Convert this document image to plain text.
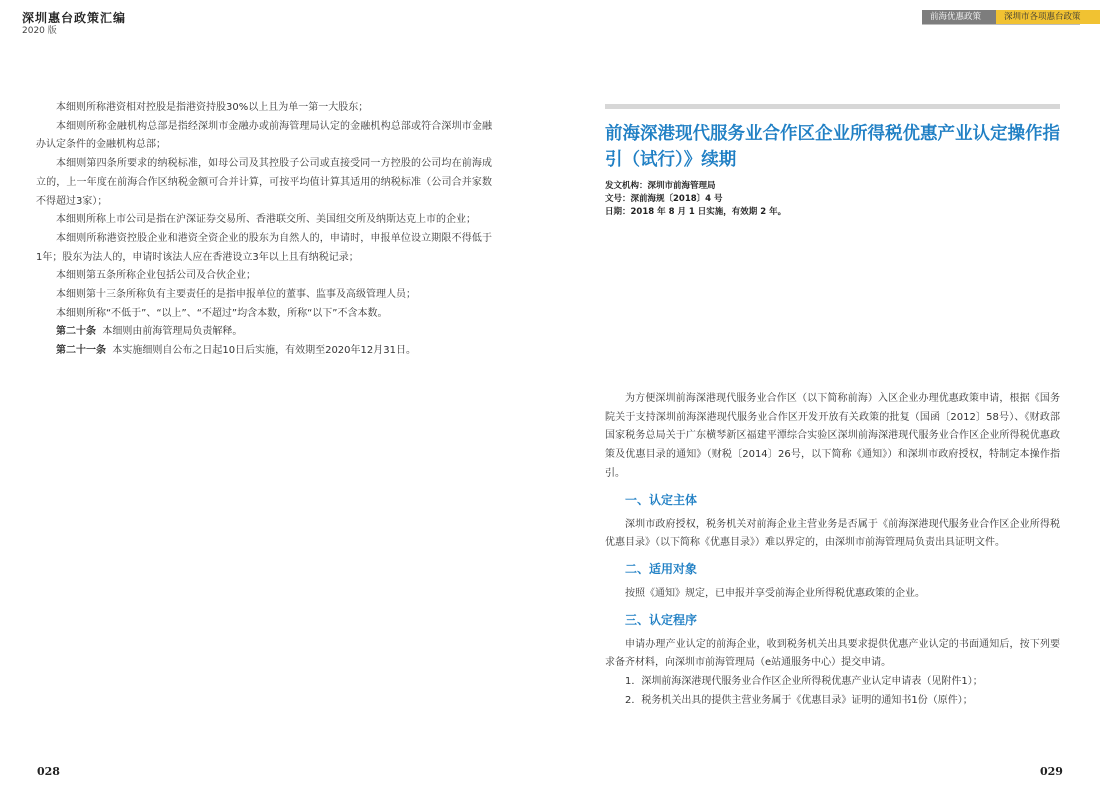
深圳惠台政策汇编
2020 版
前海优惠政策	深圳市各项惠台政策

本细则所称港资相对控股是指港资持股30%以上且为单一第一大股东；

本细则所称金融机构总部是指经深圳市金融办或前海管理局认定的金融机构总部或符合深圳市金融办认定条件的金融机构总部；

本细则第四条所要求的纳税标准，如母公司及其控股子公司或直接受同一方控股的公司均在前海成立的，上一年度在前海合作区纳税金额可合并计算，可按平均值计算其适用的纳税标准（公司合并家数不得超过3家）；

本细则所称上市公司是指在沪深证券交易所、香港联交所、美国纽交所及纳斯达克上市的企业；

本细则所称港资控股企业和港资全资企业的股东为自然人的，申请时，申报单位设立期限不得低于1年；股东为法人的，申请时该法人应在香港设立3年以上且有纳税记录；

本细则第五条所称企业包括公司及合伙企业；

本细则第十三条所称负有主要责任的是指申报单位的董事、监事及高级管理人员；

本细则所称“不低于”、“以上”、“不超过”均含本数，所称“以下”不含本数。

第二十条 本细则由前海管理局负责解释。

第二十一条 本实施细则自公布之日起10日后实施，有效期至2020年12月31日。

前海深港现代服务业合作区企业所得税优惠产业认定操作指引（试行）》续期
发文机构：深圳市前海管理局
文号：深前海规〔2018〕4 号
日期：2018 年 8 月 1 日实施，有效期 2 年。

为方便深圳前海深港现代服务业合作区（以下简称前海）入区企业办理优惠政策申请，根据《国务院关于支持深圳前海深港现代服务业合作区开发开放有关政策的批复（国函〔2012〕58号）、《财政部国家税务总局关于广东横琴新区福建平潭综合实验区深圳前海深港现代服务业合作区企业所得税优惠政策及优惠目录的通知》（财税〔2014〕26号，以下简称《通知》）和深圳市政府授权，特制定本操作指引。

一、认定主体

深圳市政府授权，税务机关对前海企业主营业务是否属于《前海深港现代服务业合作区企业所得税优惠目录》（以下简称《优惠目录》）难以界定的，由深圳市前海管理局负责出具证明文件。

二、适用对象

按照《通知》规定，已申报并享受前海企业所得税优惠政策的企业。

三、认定程序

申请办理产业认定的前海企业，收到税务机关出具要求提供优惠产业认定的书面通知后，按下列要求备齐材料，向深圳市前海管理局（e站通服务中心）提交申请。

1．深圳前海深港现代服务业合作区企业所得税优惠产业认定申请表（见附件1）；

2．税务机关出具的提供主营业务属于《优惠目录》证明的通知书1份（原件）；

028	029
